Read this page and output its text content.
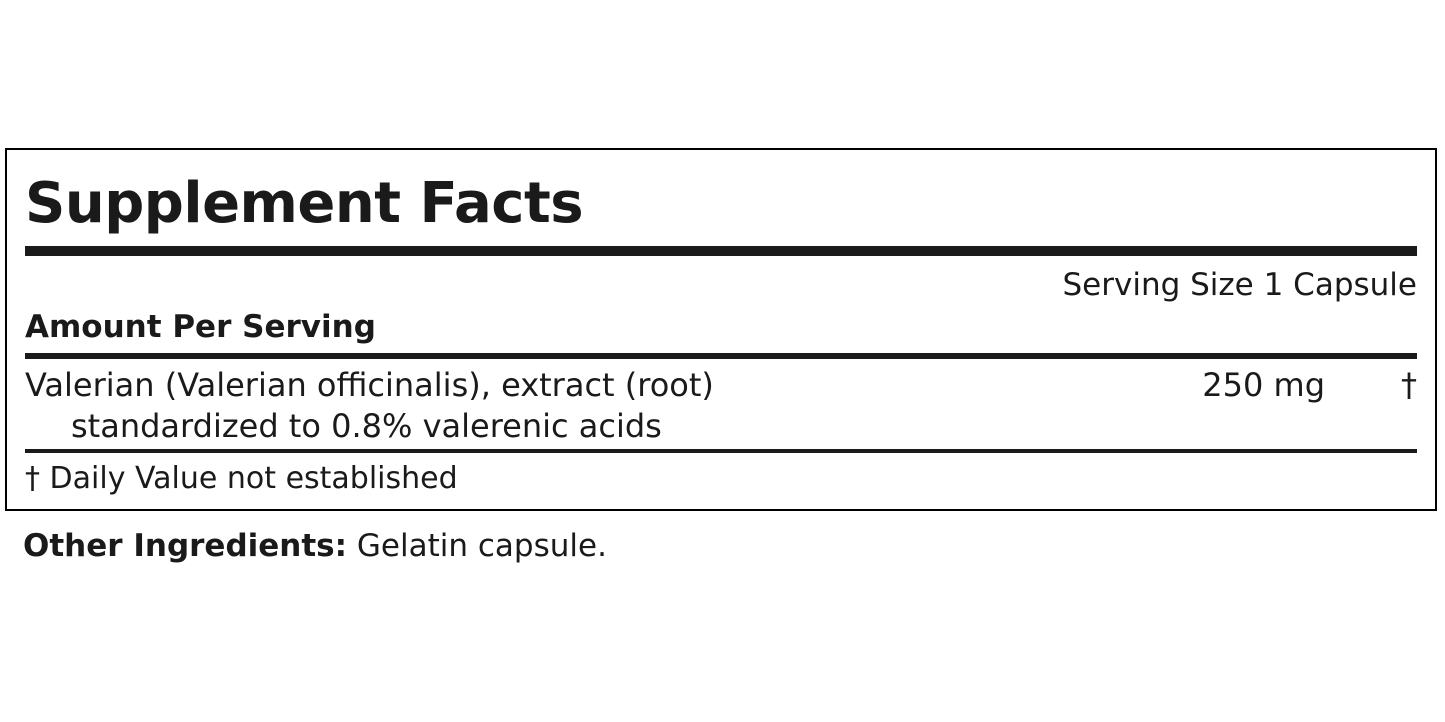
Supplement Facts
Serving Size 1 Capsule
Amount Per Serving
Valerian (Valerian officinalis), extract (root)
standardized to 0.8% valerenic acids
250 mg	†
† Daily Value not established
Other Ingredients: Gelatin capsule.
